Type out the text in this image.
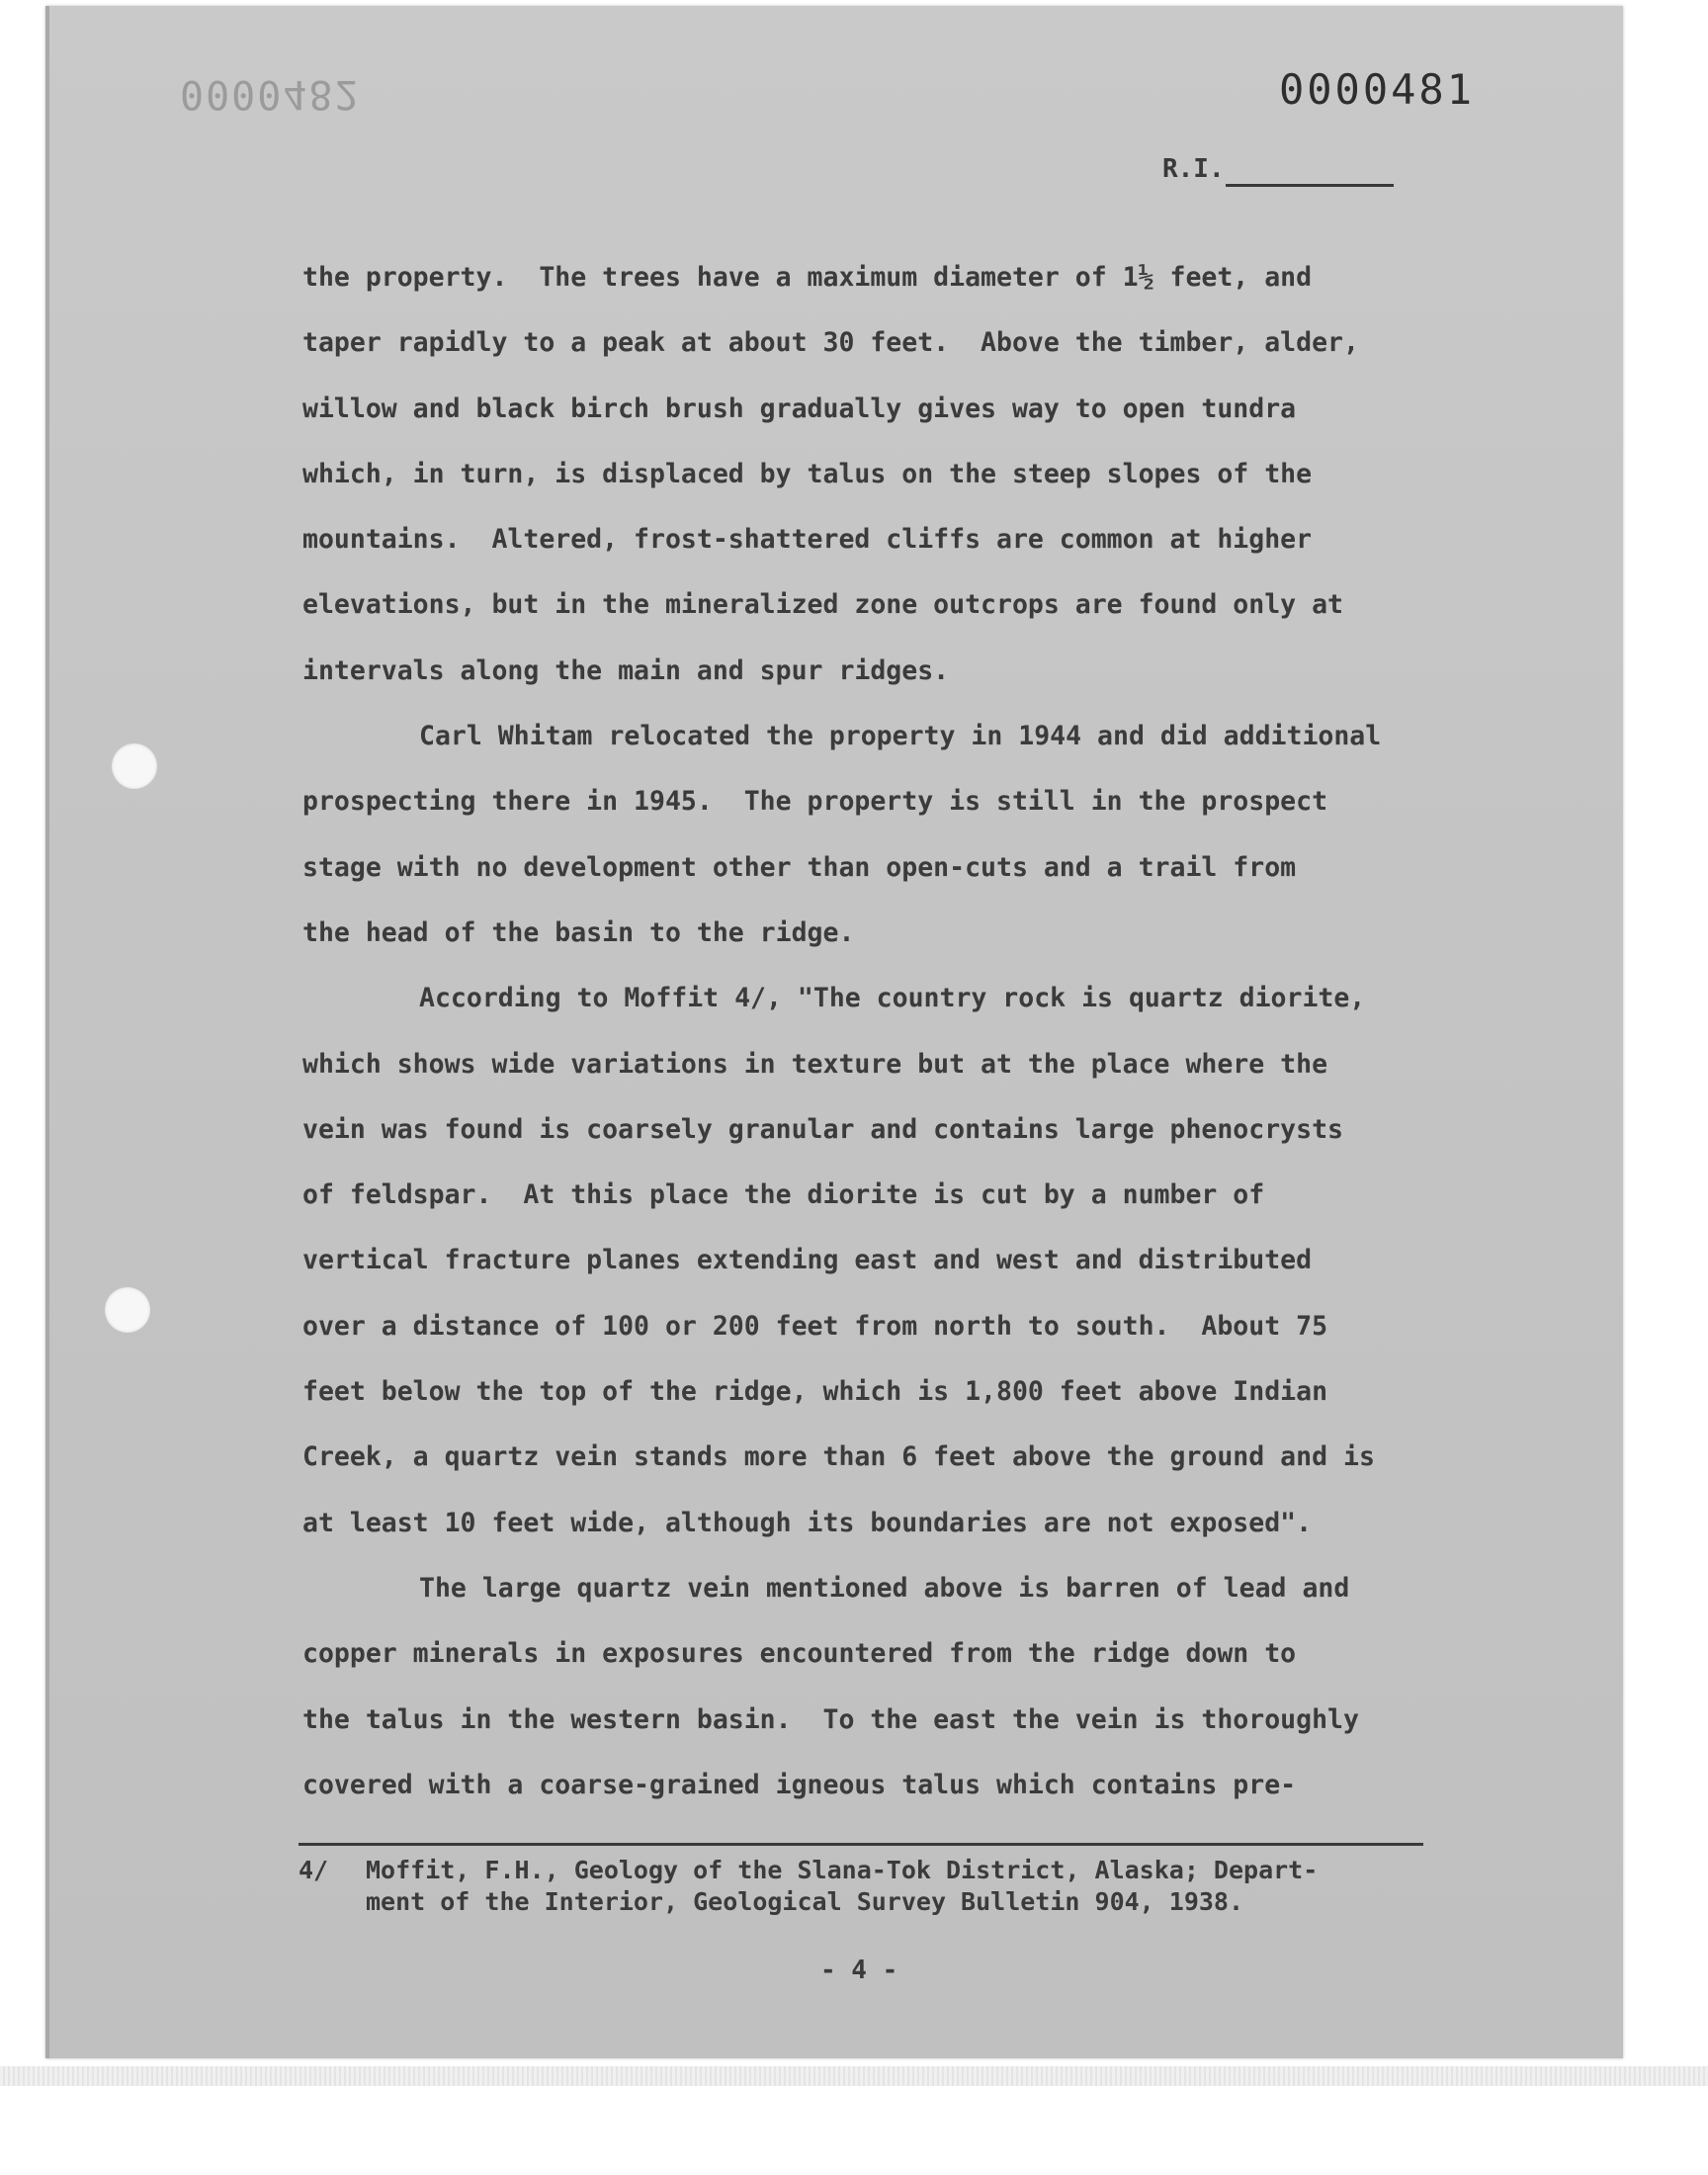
0000482	0000481
R.I.
the property.  The trees have a maximum diameter of 1½ feet, and
taper rapidly to a peak at about 30 feet.  Above the timber, alder,
willow and black birch brush gradually gives way to open tundra
which, in turn, is displaced by talus on the steep slopes of the
mountains.  Altered, frost-shattered cliffs are common at higher
elevations, but in the mineralized zone outcrops are found only at
intervals along the main and spur ridges.
Carl Whitam relocated the property in 1944 and did additional
prospecting there in 1945.  The property is still in the prospect
stage with no development other than open-cuts and a trail from
the head of the basin to the ridge.
According to Moffit 4/, "The country rock is quartz diorite,
which shows wide variations in texture but at the place where the
vein was found is coarsely granular and contains large phenocrysts
of feldspar.  At this place the diorite is cut by a number of
vertical fracture planes extending east and west and distributed
over a distance of 100 or 200 feet from north to south.  About 75
feet below the top of the ridge, which is 1,800 feet above Indian
Creek, a quartz vein stands more than 6 feet above the ground and is
at least 10 feet wide, although its boundaries are not exposed".
The large quartz vein mentioned above is barren of lead and
copper minerals in exposures encountered from the ridge down to
the talus in the western basin.  To the east the vein is thoroughly
covered with a coarse-grained igneous talus which contains pre-
4/ Moffit, F.H., Geology of the Slana-Tok District, Alaska; Depart-
ment of the Interior, Geological Survey Bulletin 904, 1938.
- 4 -
